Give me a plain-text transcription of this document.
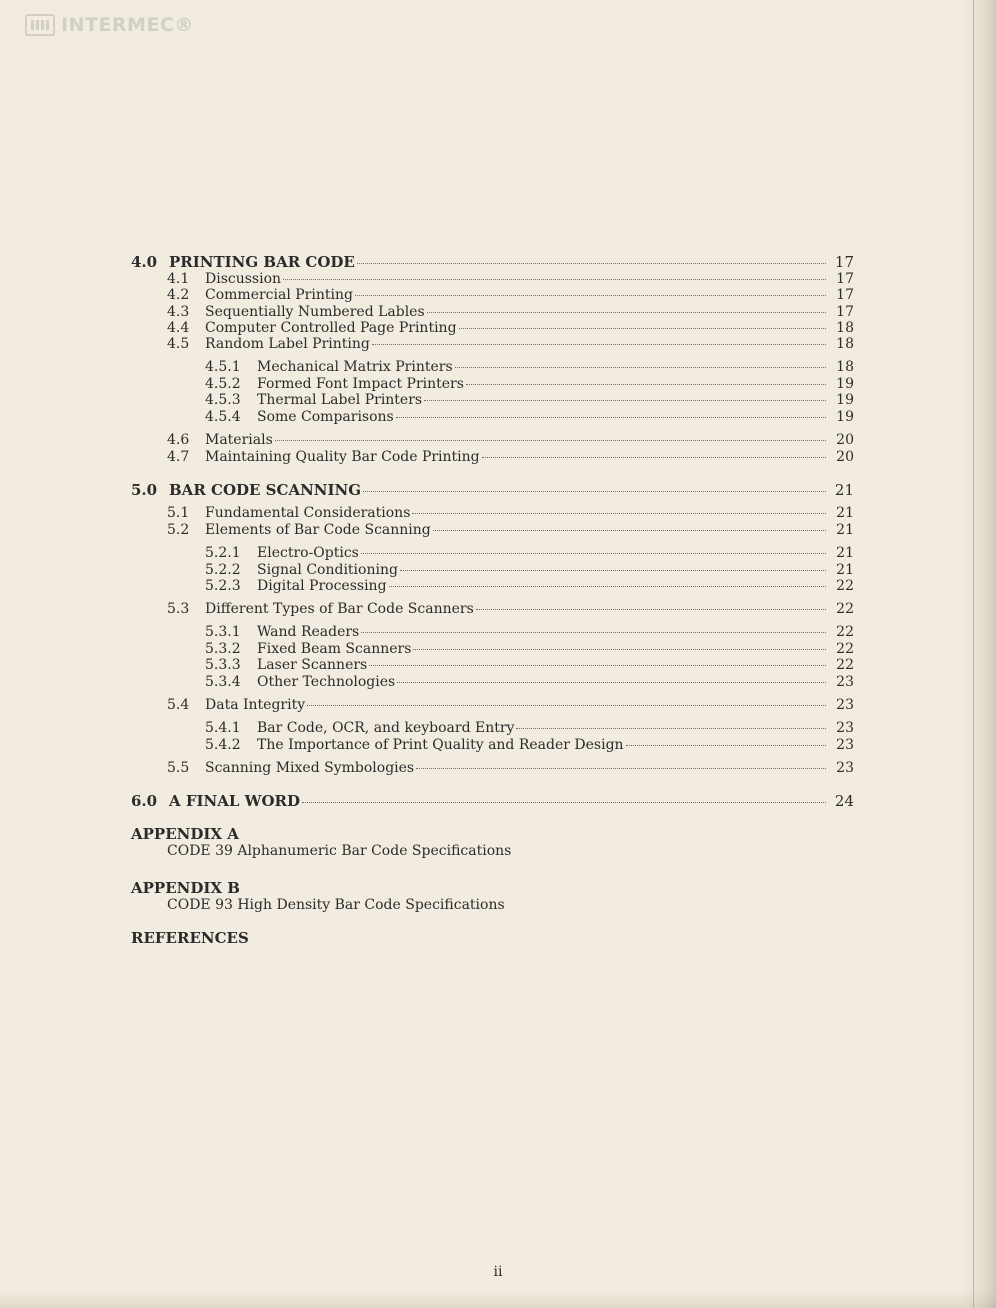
INTERMEC®
4.0 PRINTING BAR CODE	17
4.1	Discussion	17
4.2	Commercial Printing	17
4.3	Sequentially Numbered Lables	17
4.4	Computer Controlled Page Printing	18
4.5	Random Label Printing	18
4.5.1	Mechanical Matrix Printers	18
4.5.2	Formed Font Impact Printers	19
4.5.3	Thermal Label Printers	19
4.5.4	Some Comparisons	19
4.6	Materials	20
4.7	Maintaining Quality Bar Code Printing	20
5.0 BAR CODE SCANNING	21
5.1	Fundamental Considerations	21
5.2	Elements of Bar Code Scanning	21
5.2.1	Electro-Optics	21
5.2.2	Signal Conditioning	21
5.2.3	Digital Processing	22
5.3	Different Types of Bar Code Scanners	22
5.3.1	Wand Readers	22
5.3.2	Fixed Beam Scanners	22
5.3.3	Laser Scanners	22
5.3.4	Other Technologies	23
5.4	Data Integrity	23
5.4.1	Bar Code, OCR, and keyboard Entry	23
5.4.2	The Importance of Print Quality and Reader Design	23
5.5	Scanning Mixed Symbologies	23
6.0 A FINAL WORD	24
APPENDIX A
CODE 39 Alphanumeric Bar Code Specifications
APPENDIX B
CODE 93 High Density Bar Code Specifications
REFERENCES
ii
